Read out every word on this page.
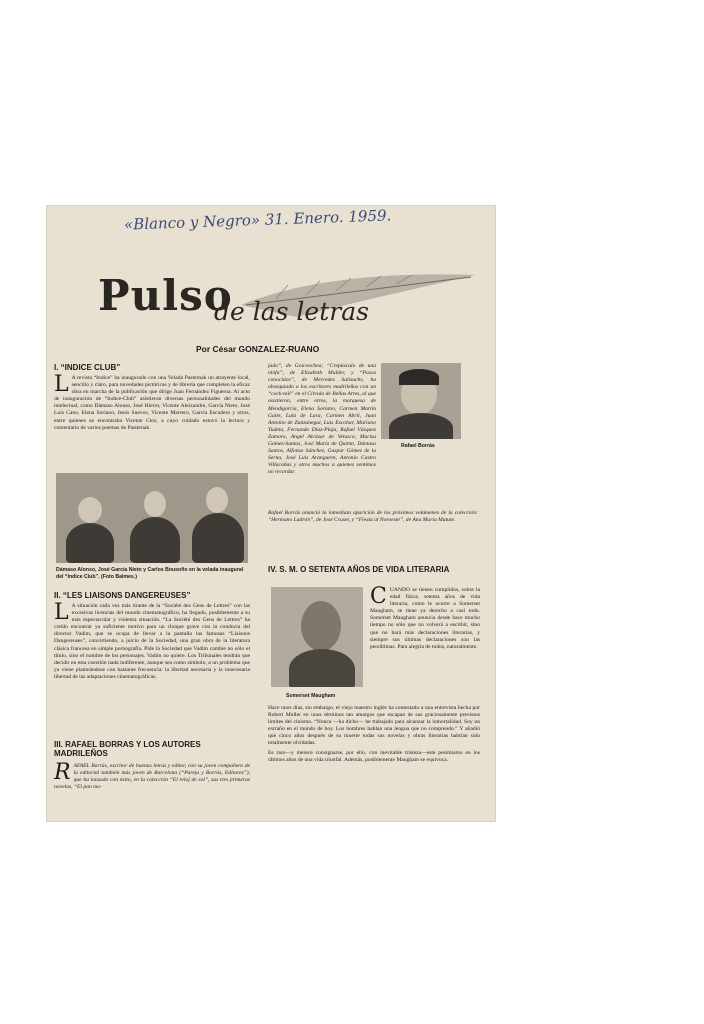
«Blanco y Negro» 31. Enero. 1959.
Pulso
de las letras
Por César GONZALEZ-RUANO
I. “INDICE CLUB”
L A revista “Indice” ha inaugurado con una Velada Pasternak un atrayente local, sencillo y claro, para novedades pictóricas y de librería que completen la eficaz obra en marcha de la publicación que dirige Juan Fernández Figueroa. Al acto de inauguración de “Indice-Club” asistieron diversas personalidades del mundo intelectual, como Dámaso Alonso, José Hierro, Vicente Aleixandre, García Nieto, José Luis Cano, Elena Soriano, Jesús Suevos, Vicente Marrero, García Escudero y otros, entre quienes se encontraba Vicente Clos, a cuyo cuidado estuvo la lectura y comentario de varios poemas de Pasternak.
Dámaso Alonso, José García Nieto y Carlos Bousoño en la velada inaugural del “Indice Club”. (Foto Balmes.)
II. “LES LIAISONS DANGEREUSES”
L A situación cada vez más tirante de la “Société des Gens de Lettres” con las excesivas licencias del mundo cinematográfico, ha llegado, posiblemente a su más espectacular y violenta situación. “La Société des Gens de Lettres” ha creído encontrar ya suficiente motivo para un choque grave con la conducta del director Vadim, que se ocupa de llevar a la pantalla las famosas “Liaisons Dangereuses”, convirtiendo, a juicio de la Sociedad, una gran obra de la literatura clásica francesa en simple pornografía. Pide la Sociedad que Vadim cambie no sólo el título, sino el nombre de los personajes. Vadim no quiere. Los Tribunales tendrán que decidir en esta cuestión nada indiferente, aunque sea como símbolo, a un problema que ya viene planteándose con bastante frecuencia: la libertad necesaria y la innecesaria libertad de las adaptaciones cinematográficas.
III. RAFAEL BORRAS Y LOS AUTORES MADRILEÑOS
R AFAEL Borrás, escritor de buenas letras y editor, con su joven compañero de la editorial también más joven de Barcelona (“Pareja y Borrás, Editores”), que ha lanzado con éxito, en la colección “El reloj de sol”, sus tres primeras novelas, “El pan mo-

jado”, de Goicoechea; “Crepúsculo de una ninfa”, de Elisabeth Mulder, y “Pasos conocidos”, de Mercedes Salisachs, ha obsequiado a los escritores madrileños con un “cock-tail” en el Círculo de Bellas Artes, al que asistieron, entre otros, la marquesa de Mendigorría, Elena Soriano, Carmen Martín Gaite, Lula de Lara, Carmen Abril, Juan Antonio de Zunzunegui, Luis Escobar, Mariano Tudela, Fernando Díaz-Plaja, Rafael Vázquez Zamora, Angel Alcázar de Velasco, Marisa Gómez-Santos, José María de Quinto, Dámaso Santos, Alfonso Sánchez, Gaspar Gómez de la Serna, José Luis Aranguren, Antonio Castro Villacañas y otros muchos a quienes sentimos no recordar.

Rafael Borrás

Rafael Borrás anunció la inmediata aparición de los próximos volúmenes de la colección: “Hermano Ladrón”, de José Cruset, y “Fiesta al Noroeste”, de Ana María Matute.

IV. S. M. O SETENTA AÑOS DE VIDA LITERARIA
Somerset Maugham
C UANDO se tienen cumplidos, sobre la edad física, setenta años de vida literaria, como le ocurre a Somerset Maugham, se tiene ya derecho a casi todo. Somerset Maugham anuncia desde hace mucho tiempo no sólo que no volverá a escribir, sino que no hará más declaraciones literarias, y siempre sus últimas declaraciones son las penúltimas. Para alegría de todos, naturalmente.

Hace unos días, sin embargo, el viejo maestro inglés ha contestado a una entrevista hecha por Robert Muller en unos términos tan amargos que escapan de sus graciosamente previstos límites del cinismo. “Nunca —ha dicho— he trabajado para alcanzar la inmortalidad. Soy un extraño en el mundo de hoy. Los hombres hablan una lengua que no comprendo.” Y añadió que cinco años después de su muerte todas sus novelas y obras literarias habrían sido totalmente olvidadas.

Es raro—y merece consignarse, por ello, con inevitable tristeza—este pesimismo en los últimos años de una vida triunfal. Además, posiblemente Maugham se equivoca.
